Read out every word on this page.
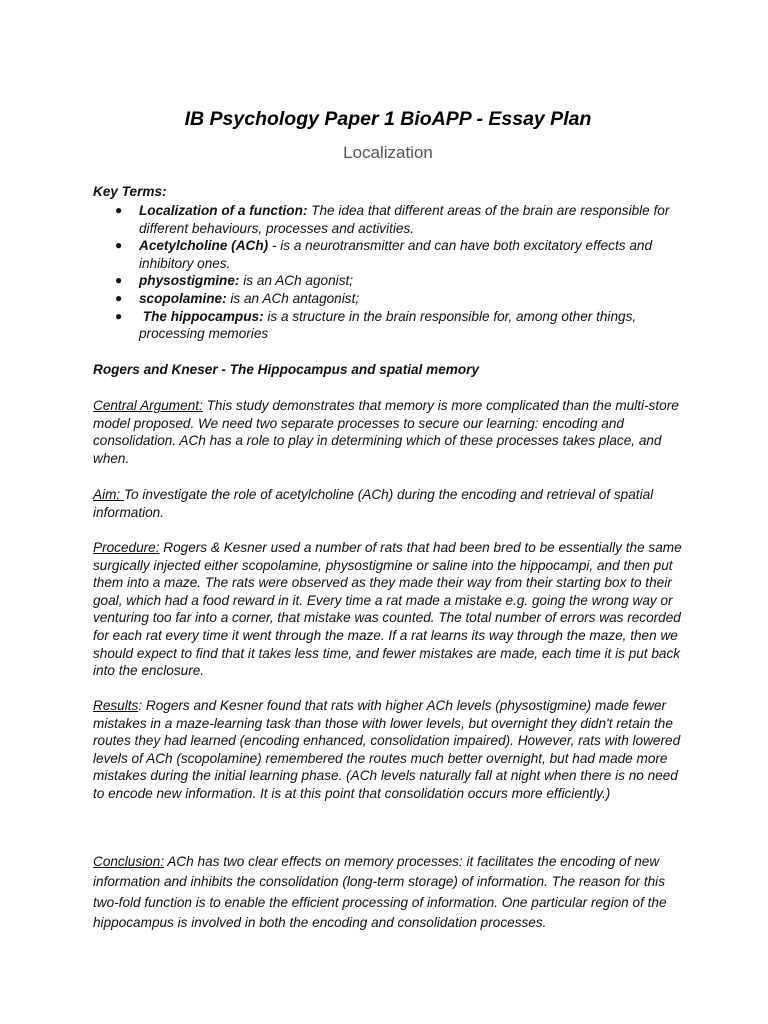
IB Psychology Paper 1 BioAPP - Essay Plan
Localization
Key Terms:
● Localization of a function: The idea that different areas of the brain are responsible for different behaviours, processes and activities.
● Acetylcholine (ACh) - is a neurotransmitter and can have both excitatory effects and inhibitory ones.
● physostigmine: is an ACh agonist;
● scopolamine: is an ACh antagonist;
● The hippocampus: is a structure in the brain responsible for, among other things, processing memories
Rogers and Kneser - The Hippocampus and spatial memory
Central Argument: This study demonstrates that memory is more complicated than the multi-store model proposed. We need two separate processes to secure our learning: encoding and consolidation. ACh has a role to play in determining which of these processes takes place, and when.
Aim: To investigate the role of acetylcholine (ACh) during the encoding and retrieval of spatial information.
Procedure: Rogers & Kesner used a number of rats that had been bred to be essentially the same surgically injected either scopolamine, physostigmine or saline into the hippocampi, and then put them into a maze. The rats were observed as they made their way from their starting box to their goal, which had a food reward in it. Every time a rat made a mistake e.g. going the wrong way or venturing too far into a corner, that mistake was counted. The total number of errors was recorded for each rat every time it went through the maze. If a rat learns its way through the maze, then we should expect to find that it takes less time, and fewer mistakes are made, each time it is put back into the enclosure.
Results: Rogers and Kesner found that rats with higher ACh levels (physostigmine) made fewer mistakes in a maze-learning task than those with lower levels, but overnight they didn't retain the routes they had learned (encoding enhanced, consolidation impaired). However, rats with lowered levels of ACh (scopolamine) remembered the routes much better overnight, but had made more mistakes during the initial learning phase. (ACh levels naturally fall at night when there is no need to encode new information. It is at this point that consolidation occurs more efficiently.)
Conclusion: ACh has two clear effects on memory processes: it facilitates the encoding of new information and inhibits the consolidation (long-term storage) of information. The reason for this two-fold function is to enable the efficient processing of information. One particular region of the hippocampus is involved in both the encoding and consolidation processes.
